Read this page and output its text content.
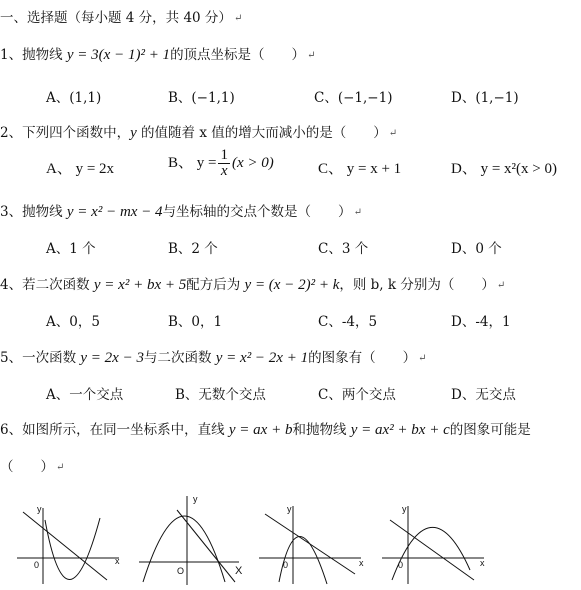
一、选择题（每小题 4 分，共 40 分） ↵
1、抛物线 y = 3(x − 1)² + 1的顶点坐标是（　　） ↵
A、(1,1)	B、(−1,1)	C、(−1,−1)	D、(1,−1)
2、下列四个函数中，y 的值随着 x 值的增大而减小的是（　　） ↵
A、 y = 2x	B、 $y = \frac{1}{x} (x > 0)$	C、 y = x + 1	D、 y = x²(x > 0)
3、抛物线 y = x² − mx − 4与坐标轴的交点个数是（　　） ↵
A、1 个	B、2 个	C、3 个	D、0 个
4、若二次函数 y = x² + bx + 5配方后为 y = (x − 2)² + k，则 b, k 分别为（　　） ↵
A、0，5	B、0，1	C、-4，5	D、-4，1
5、一次函数 y = 2x − 3与二次函数 y = x² − 2x + 1的图象有（　　） ↵
A、一个交点	B、无数个交点	C、两个交点	D、无交点
6、如图所示，在同一坐标系中，直线 y = ax + b和抛物线 y = ax² + bx + c的图象可能是
（　　） ↵
y
x
0
y
X
O
y
x
0
y
x
0
